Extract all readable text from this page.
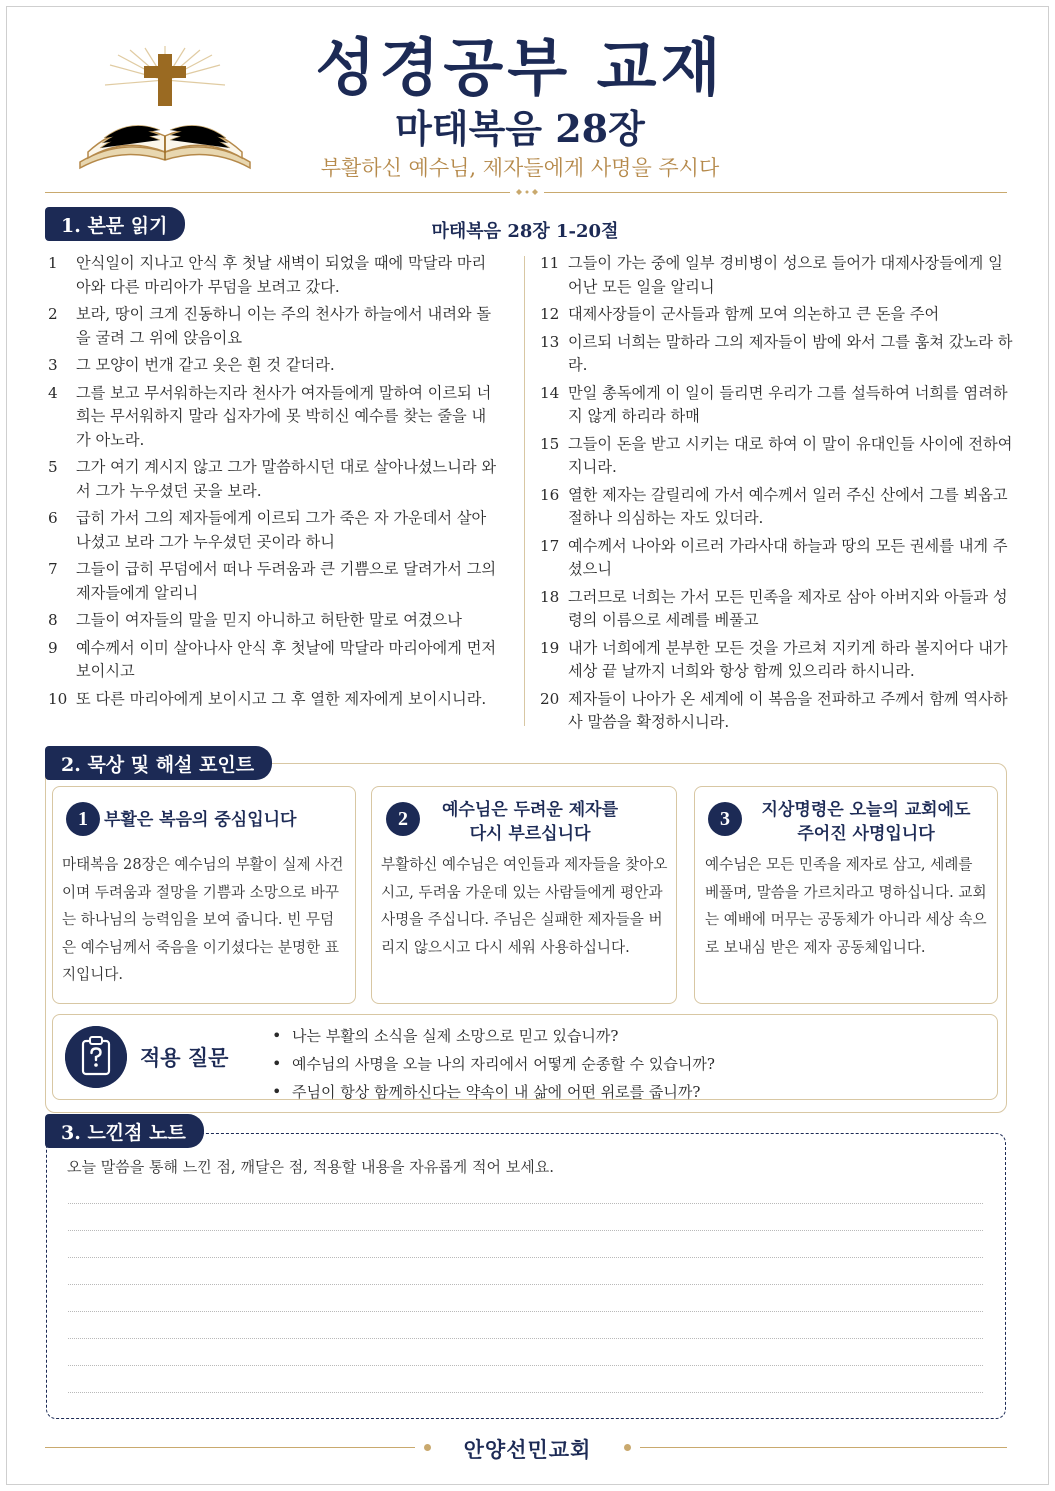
성경공부 교재
마태복음 28장
부활하신 예수님, 제자들에게 사명을 주시다
1. 본문 읽기	마태복음 28장 1-20절
1	안식일이 지나고 안식 후 첫날 새벽이 되었을 때에 막달라 마리아와 다른 마리아가 무덤을 보려고 갔다.
2	보라, 땅이 크게 진동하니 이는 주의 천사가 하늘에서 내려와 돌을 굴려 그 위에 앉음이요
3	그 모양이 번개 같고 옷은 흰 것 같더라.
4	그를 보고 무서워하는지라 천사가 여자들에게 말하여 이르되 너희는 무서워하지 말라 십자가에 못 박히신 예수를 찾는 줄을 내가 아노라.
5	그가 여기 계시지 않고 그가 말씀하시던 대로 살아나셨느니라 와서 그가 누우셨던 곳을 보라.
6	급히 가서 그의 제자들에게 이르되 그가 죽은 자 가운데서 살아나셨고 보라 그가 누우셨던 곳이라 하니
7	그들이 급히 무덤에서 떠나 두려움과 큰 기쁨으로 달려가서 그의 제자들에게 알리니
8	그들이 여자들의 말을 믿지 아니하고 허탄한 말로 여겼으나
9	예수께서 이미 살아나사 안식 후 첫날에 막달라 마리아에게 먼저 보이시고
10 또 다른 마리아에게 보이시고 그 후 열한 제자에게 보이시니라.
11 그들이 가는 중에 일부 경비병이 성으로 들어가 대제사장들에게 일어난 모든 일을 알리니
12 대제사장들이 군사들과 함께 모여 의논하고 큰 돈을 주어
13 이르되 너희는 말하라 그의 제자들이 밤에 와서 그를 훔쳐 갔노라 하라.
14 만일 총독에게 이 일이 들리면 우리가 그를 설득하여 너희를 염려하지 않게 하리라 하매
15 그들이 돈을 받고 시키는 대로 하여 이 말이 유대인들 사이에 전하여지니라.
16 열한 제자는 갈릴리에 가서 예수께서 일러 주신 산에서 그를 뵈옵고 절하나 의심하는 자도 있더라.
17 예수께서 나아와 이르러 가라사대 하늘과 땅의 모든 권세를 내게 주셨으니
18 그러므로 너희는 가서 모든 민족을 제자로 삼아 아버지와 아들과 성령의 이름으로 세례를 베풀고
19 내가 너희에게 분부한 모든 것을 가르쳐 지키게 하라 볼지어다 내가 세상 끝 날까지 너희와 항상 함께 있으리라 하시니라.
20 제자들이 나아가 온 세계에 이 복음을 전파하고 주께서 함께 역사하사 말씀을 확정하시니라.
2. 묵상 및 해설 포인트
1 부활은 복음의 중심입니다
마태복음 28장은 예수님의 부활이 실제 사건이며 두려움과 절망을 기쁨과 소망으로 바꾸는 하나님의 능력임을 보여 줍니다. 빈 무덤은 예수님께서 죽음을 이기셨다는 분명한 표지입니다.
2	예수님은 두려운 제자를 다시 부르십니다
부활하신 예수님은 여인들과 제자들을 찾아오시고, 두려움 가운데 있는 사람들에게 평안과 사명을 주십니다. 주님은 실패한 제자들을 버리지 않으시고 다시 세워 사용하십니다.
3	지상명령은 오늘의 교회에도 주어진 사명입니다
예수님은 모든 민족을 제자로 삼고, 세례를 베풀며, 말씀을 가르치라고 명하십니다. 교회는 예배에 머무는 공동체가 아니라 세상 속으로 보내심 받은 제자 공동체입니다.
적용 질문
• 나는 부활의 소식을 실제 소망으로 믿고 있습니까?
• 예수님의 사명을 오늘 나의 자리에서 어떻게 순종할 수 있습니까?
• 주님이 항상 함께하신다는 약속이 내 삶에 어떤 위로를 줍니까?
3. 느낀점 노트
오늘 말씀을 통해 느낀 점, 깨달은 점, 적용할 내용을 자유롭게 적어 보세요.
안양선민교회
